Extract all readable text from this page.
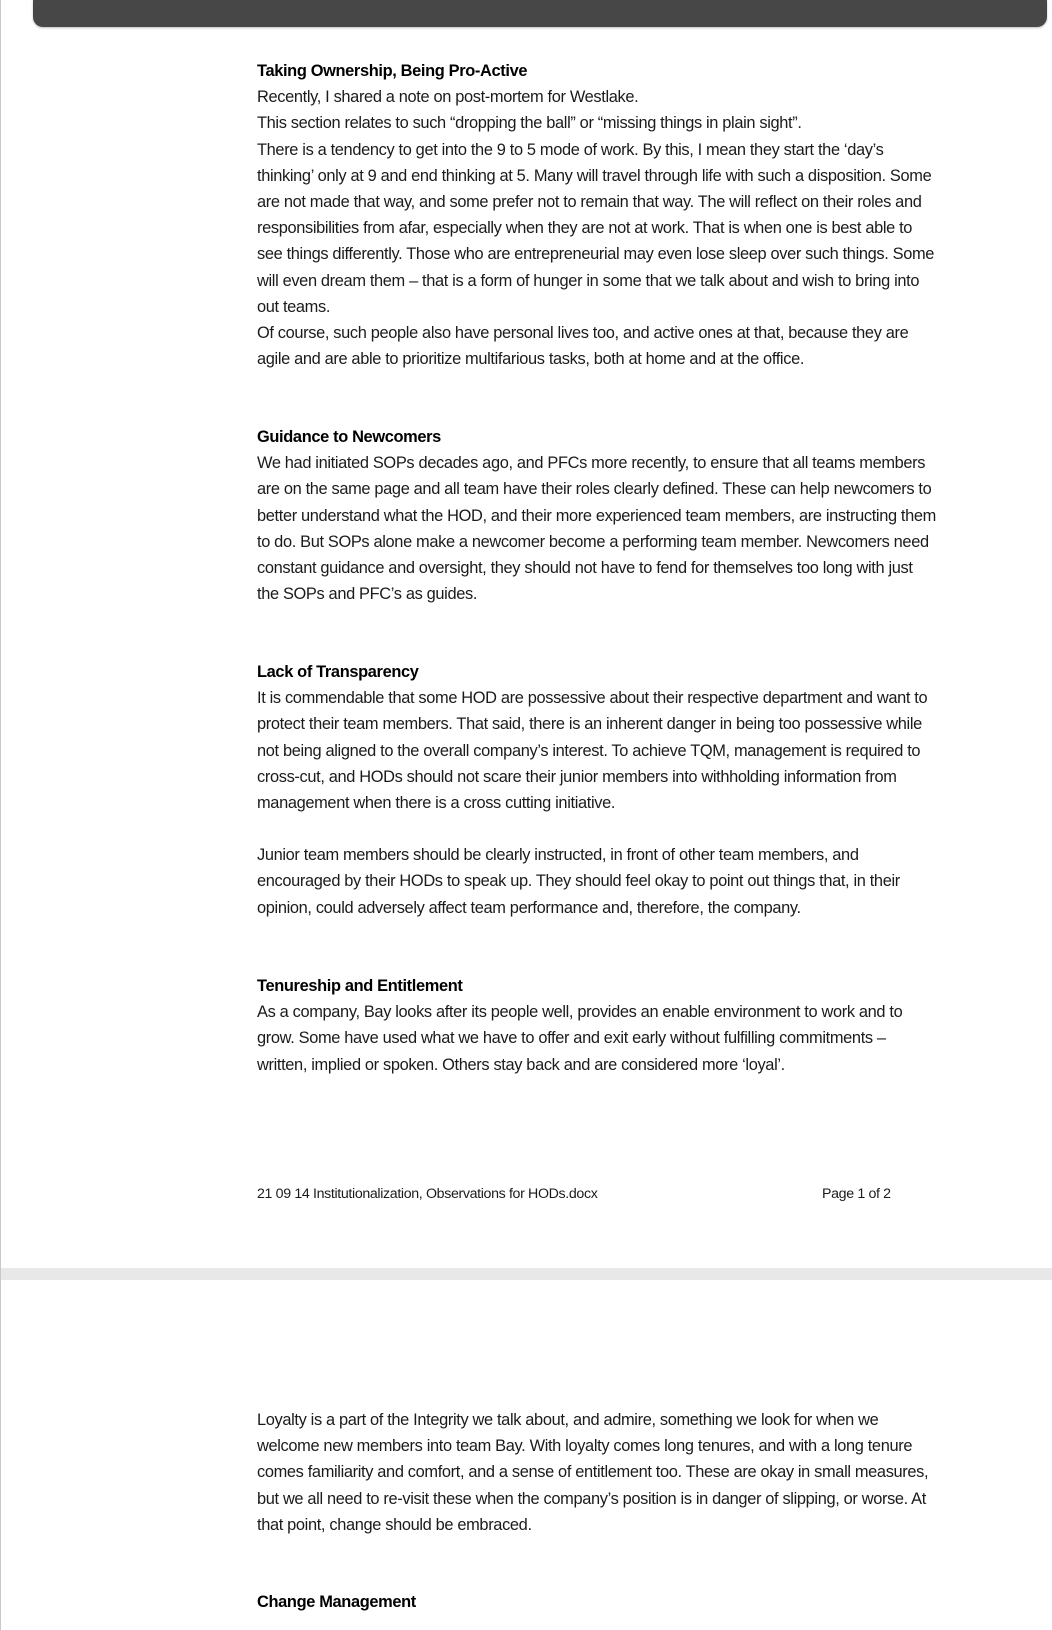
Taking Ownership, Being Pro-Active

Recently, I shared a note on post-mortem for Westlake.

This section relates to such “dropping the ball” or “missing things in plain sight”.

There is a tendency to get into the 9 to 5 mode of work. By this, I mean they start the ‘day’s thinking’ only at 9 and end thinking at 5. Many will travel through life with such a disposition. Some are not made that way, and some prefer not to remain that way. The will reflect on their roles and responsibilities from afar, especially when they are not at work. That is when one is best able to see things differently. Those who are entrepreneurial may even lose sleep over such things. Some will even dream them – that is a form of hunger in some that we talk about and wish to bring into out teams.

Of course, such people also have personal lives too, and active ones at that, because they are agile and are able to prioritize multifarious tasks, both at home and at the office.

Guidance to Newcomers

We had initiated SOPs decades ago, and PFCs more recently, to ensure that all teams members are on the same page and all team have their roles clearly defined. These can help newcomers to better understand what the HOD, and their more experienced team members, are instructing them to do. But SOPs alone make a newcomer become a performing team member. Newcomers need constant guidance and oversight, they should not have to fend for themselves too long with just the SOPs and PFC’s as guides.

Lack of Transparency

It is commendable that some HOD are possessive about their respective department and want to protect their team members. That said, there is an inherent danger in being too possessive while not being aligned to the overall company’s interest. To achieve TQM, management is required to cross-cut, and HODs should not scare their junior members into withholding information from management when there is a cross cutting initiative.

Junior team members should be clearly instructed, in front of other team members, and encouraged by their HODs to speak up. They should feel okay to point out things that, in their opinion, could adversely affect team performance and, therefore, the company.

Tenureship and Entitlement

As a company, Bay looks after its people well, provides an enable environment to work and to grow. Some have used what we have to offer and exit early without fulfilling commitments – written, implied or spoken. Others stay back and are considered more ‘loyal’.

21 09 14 Institutionalization, Observations for HODs.docx	Page 1 of 2

Loyalty is a part of the Integrity we talk about, and admire, something we look for when we welcome new members into team Bay. With loyalty comes long tenures, and with a long tenure comes familiarity and comfort, and a sense of entitlement too. These are okay in small measures, but we all need to re-visit these when the company’s position is in danger of slipping, or worse. At that point, change should be embraced.

Change Management
